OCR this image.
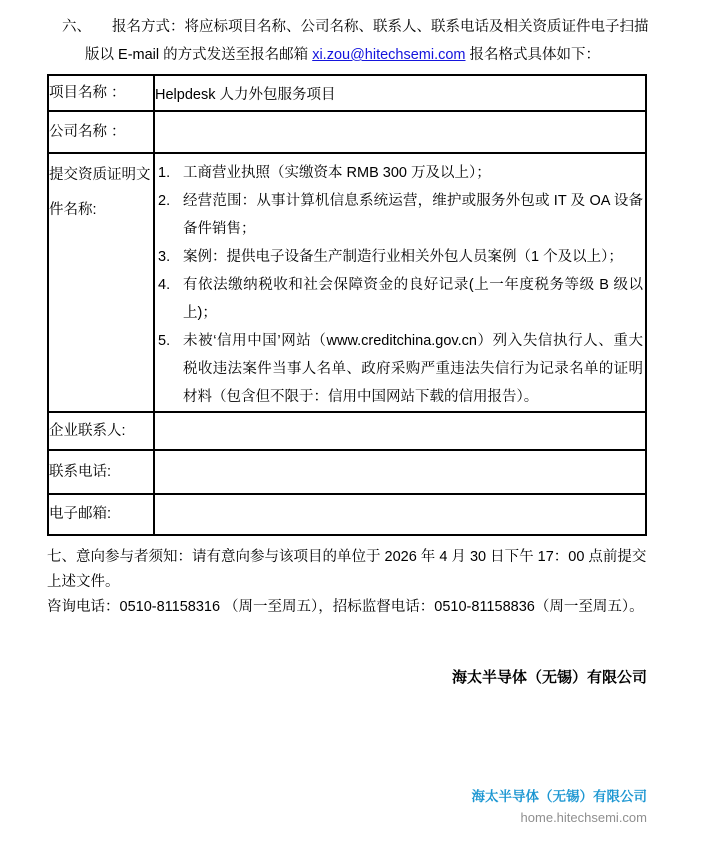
六、 报名方式：将应标项目名称、公司名称、联系人、联系电话及相关资质证件电子扫描
版以 E-mail 的方式发送至报名邮箱 xi.zou@hitechsemi.com 报名格式具体如下：
项目名称 ：	Helpdesk 人力外包服务项目
公司名称 ：	
提交资质证明文件名称:	
工商营业执照（实缴资本 RMB 300 万及以上）；
经营范围：从事计算机信息系统运营，维护或服务外包或 IT 及 OA 设备备件销售；
案例：提供电子设备生产制造行业相关外包人员案例（1 个及以上）；
有依法缴纳税收和社会保障资金的良好记录(上一年度税务等级 B 级以上)；
未被‘信用中国’网站（www.creditchina.gov.cn）列入失信执行人、重大税收违法案件当事人名单、政府采购严重违法失信行为记录名单的证明材料（包含但不限于：信用中国网站下载的信用报告）。

企业联系人:	
联系电话:	
电子邮箱:	
七、意向参与者须知：请有意向参与该项目的单位于 2026 年 4 月 30 日下午 17：00 点前提交
上述文件。
咨询电话：0510-81158316 （周一至周五），招标监督电话：0510-81158836（周一至周五）。
海太半导体（无锡）有限公司
海太半导体（无锡）有限公司
home.hitechsemi.com
